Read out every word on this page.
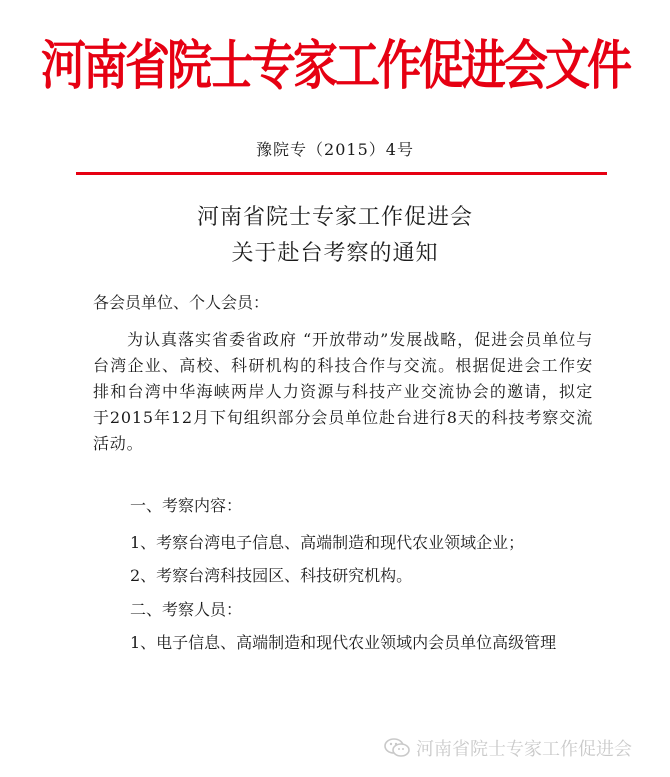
河南省院士专家工作促进会文件
豫院专（2015）4号
河南省院士专家工作促进会
关于赴台考察的通知
各会员单位、个人会员：
为认真落实省委省政府 “开放带动”发展战略，促进会员单位与台湾企业、高校、科研机构的科技合作与交流。根据促进会工作安排和台湾中华海峡两岸人力资源与科技产业交流协会的邀请，拟定于2015年12月下旬组织部分会员单位赴台进行8天的科技考察交流活动。
一、考察内容：
1、考察台湾电子信息、高端制造和现代农业领域企业；
2、考察台湾科技园区、科技研究机构。
二、考察人员：
1、电子信息、高端制造和现代农业领域内会员单位高级管理
河南省院士专家工作促进会
